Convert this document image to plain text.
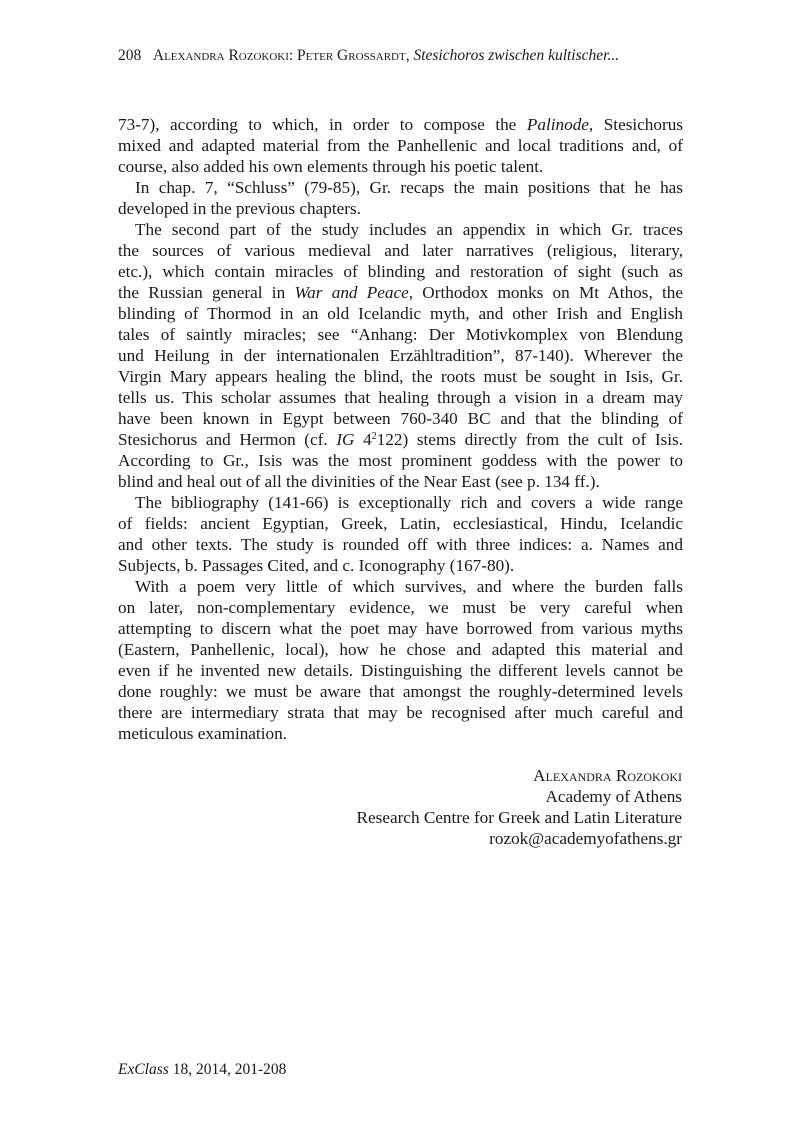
208 Alexandra Rozokoki: Peter Grossardt, Stesichoros zwischen kultischer...
73-7), according to which, in order to compose the Palinode, Stesichorus
mixed and adapted material from the Panhellenic and local traditions and, of
course, also added his own elements through his poetic talent.
In chap. 7, “Schluss” (79-85), Gr. recaps the main positions that he has
developed in the previous chapters.
The second part of the study includes an appendix in which Gr. traces
the sources of various medieval and later narratives (religious, literary,
etc.), which contain miracles of blinding and restoration of sight (such as
the Russian general in War and Peace, Orthodox monks on Mt Athos, the
blinding of Thormod in an old Icelandic myth, and other Irish and English
tales of saintly miracles; see “Anhang: Der Motivkomplex von Blendung
und Heilung in der internationalen Erzähltradition”, 87-140). Wherever the
Virgin Mary appears healing the blind, the roots must be sought in Isis, Gr.
tells us. This scholar assumes that healing through a vision in a dream may
have been known in Egypt between 760-340 BC and that the blinding of
Stesichorus and Hermon (cf. IG $4^2122$) stems directly from the cult of Isis.
According to Gr., Isis was the most prominent goddess with the power to
blind and heal out of all the divinities of the Near East (see p. 134 ff.).
The bibliography (141-66) is exceptionally rich and covers a wide range
of fields: ancient Egyptian, Greek, Latin, ecclesiastical, Hindu, Icelandic
and other texts. The study is rounded off with three indices: a. Names and
Subjects, b. Passages Cited, and c. Iconography (167-80).
With a poem very little of which survives, and where the burden falls
on later, non-complementary evidence, we must be very careful when
attempting to discern what the poet may have borrowed from various myths
(Eastern, Panhellenic, local), how he chose and adapted this material and
even if he invented new details. Distinguishing the different levels cannot be
done roughly: we must be aware that amongst the roughly-determined levels
there are intermediary strata that may be recognised after much careful and
meticulous examination.
Alexandra Rozokoki
Academy of Athens
Research Centre for Greek and Latin Literature
rozok@academyofathens.gr
ExClass 18, 2014, 201-208
